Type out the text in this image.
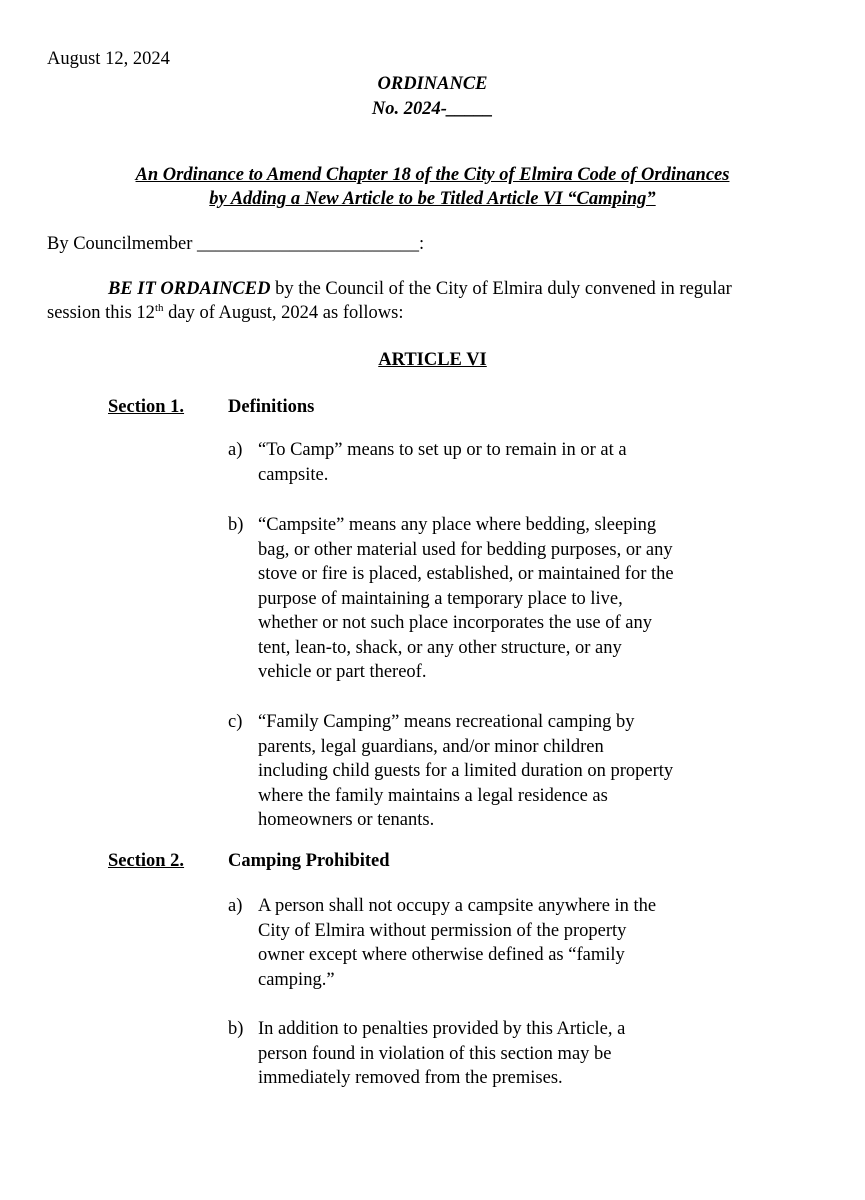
August 12, 2024
ORDINANCE
No. 2024-_____
An Ordinance to Amend Chapter 18 of the City of Elmira Code of Ordinances
by Adding a New Article to be Titled Article VI “Camping”
By Councilmember ________________________:
BE IT ORDAINCED by the Council of the City of Elmira duly convened in regular
session this 12th day of August, 2024 as follows:
ARTICLE VI
Section 1. Definitions
a) “To Camp” means to set up or to remain in or at a
campsite.
b) “Campsite” means any place where bedding, sleeping
bag, or other material used for bedding purposes, or any
stove or fire is placed, established, or maintained for the
purpose of maintaining a temporary place to live,
whether or not such place incorporates the use of any
tent, lean-to, shack, or any other structure, or any
vehicle or part thereof.
c) “Family Camping” means recreational camping by
parents, legal guardians, and/or minor children
including child guests for a limited duration on property
where the family maintains a legal residence as
homeowners or tenants.
Section 2. Camping Prohibited
a) A person shall not occupy a campsite anywhere in the
City of Elmira without permission of the property
owner except where otherwise defined as “family
camping.”
b) In addition to penalties provided by this Article, a
person found in violation of this section may be
immediately removed from the premises.
